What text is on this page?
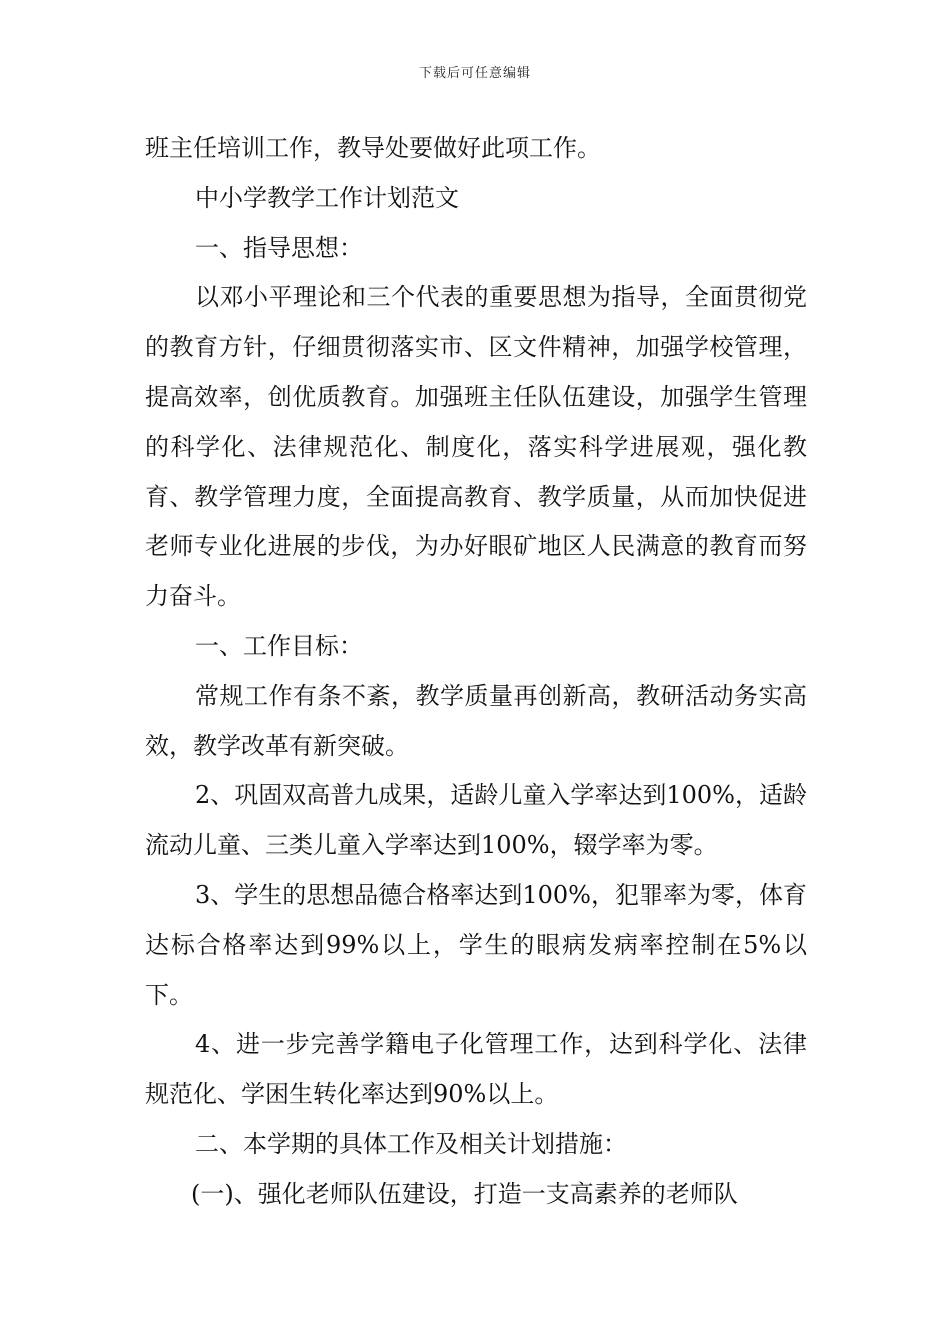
下载后可任意编辑

班主任培训工作，教导处要做好此项工作。

中小学教学工作计划范文

一、指导思想：

以邓小平理论和三个代表的重要思想为指导，全面贯彻党的教育方针，仔细贯彻落实市、区文件精神，加强学校管理，提高效率，创优质教育。加强班主任队伍建设，加强学生管理的科学化、法律规范化、制度化，落实科学进展观，强化教育、教学管理力度，全面提高教育、教学质量，从而加快促进老师专业化进展的步伐，为办好眼矿地区人民满意的教育而努力奋斗。

一、工作目标：

常规工作有条不紊，教学质量再创新高，教研活动务实高效，教学改革有新突破。

2、巩固双高普九成果，适龄儿童入学率达到100%，适龄流动儿童、三类儿童入学率达到100%，辍学率为零。

3、学生的思想品德合格率达到100%，犯罪率为零，体育达标合格率达到99%以上，学生的眼病发病率控制在5%以下。

4、进一步完善学籍电子化管理工作，达到科学化、法律规范化、学困生转化率达到90%以上。

二、本学期的具体工作及相关计划措施：

(一)、强化老师队伍建设，打造一支高素养的老师队
